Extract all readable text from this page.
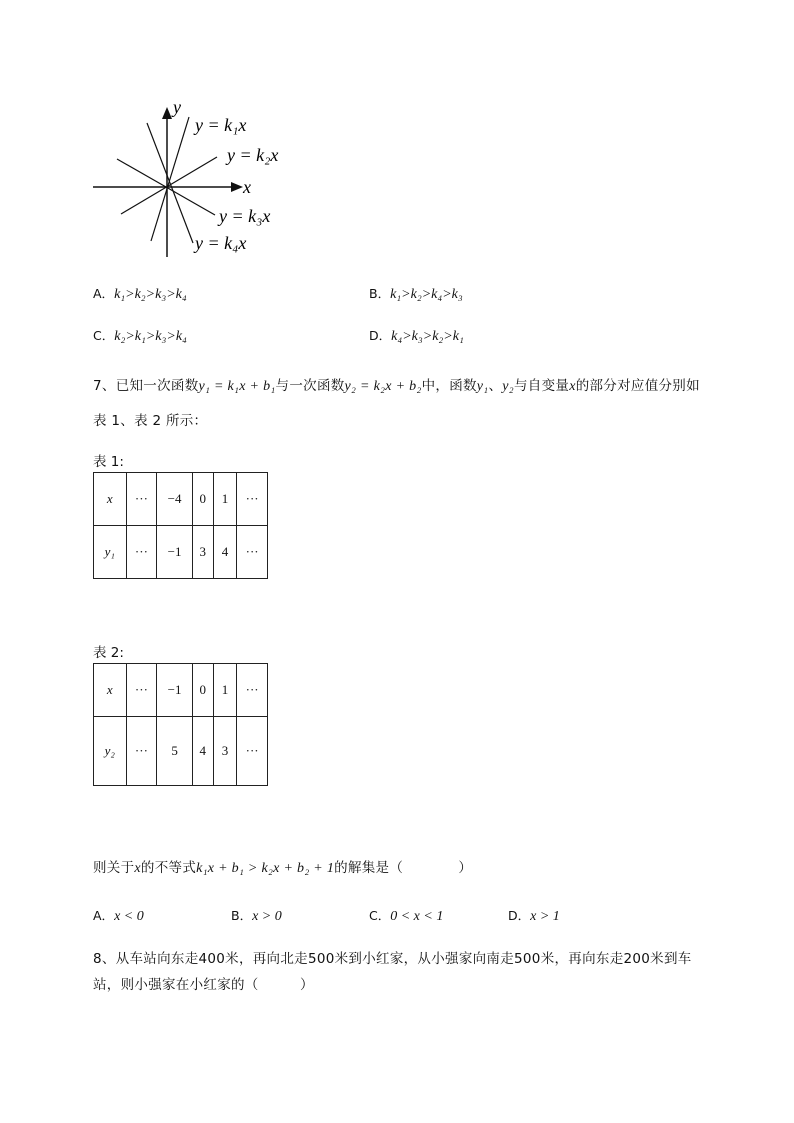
y
x
y = k₁x
y = k₂x
y = k₃x
y = k₄x
A．k₁>k₂>k₃>k₄	B．k₁>k₂>k₄>k₃
C．k₂>k₁>k₃>k₄	D．k₄>k₃>k₂>k₁
7、已知一次函数y₁ = k₁x + b₁与一次函数y₂ = k₂x + b₂中，函数y₁、y₂与自变量x的部分对应值分别如
表 1、表 2 所示：
表 1:
x	···	−4	0	1	···
y₁	···	−1	3	4	···
表 2:
x	···	−1	0	1	···
y₂	···	5	4	3	···
则关于x的不等式k₁x + b₁ > k₂x + b₂ + 1的解集是（　　　　）
A．x < 0	B．x > 0	C．0 < x < 1	D．x > 1
8、从车站向东走400米，再向北走500米到小红家，从小强家向南走500米，再向东走200米到车
站，则小强家在小红家的（　　　）
